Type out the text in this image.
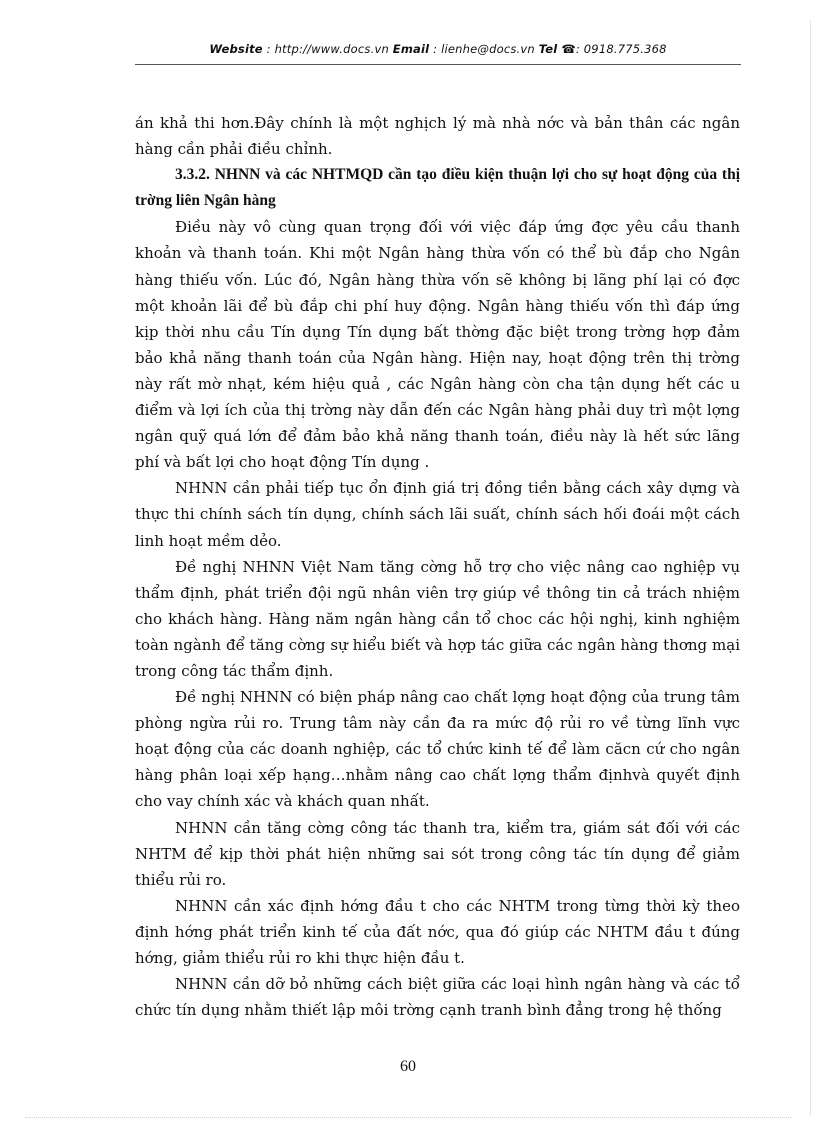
Website : http://www.docs.vn Email : lienhe@docs.vn Tel ☎: 0918.775.368

án khả thi hơn.Đây chính là một nghịch lý mà nhà nớc và bản thân các ngân hàng cần phải điều chỉnh.

3.3.2. NHNN và các NHTMQD cần tạo điều kiện thuận lợi cho sự hoạt động của thị trờng liên Ngân hàng

Điều này vô cùng quan trọng đối với việc đáp ứng đợc yêu cầu thanh khoản và thanh toán. Khi một Ngân hàng thừa vốn có thể bù đắp cho Ngân hàng thiếu vốn. Lúc đó, Ngân hàng thừa vốn sẽ không bị lãng phí lại có đợc một khoản lãi để bù đắp chi phí huy động. Ngân hàng thiếu vốn thì đáp ứng kịp thời nhu cầu Tín dụng Tín dụng bất thờng đặc biệt trong trờng hợp đảm bảo khả năng thanh toán của Ngân hàng. Hiện nay, hoạt động trên thị trờng này rất mờ nhạt, kém hiệu quả , các Ngân hàng còn cha tận dụng hết các u điểm và lợi ích của thị trờng này dẫn đến các Ngân hàng phải duy trì một lợng ngân quỹ quá lớn để đảm bảo khả năng thanh toán, điều này là hết sức lãng phí và bất lợi cho hoạt động Tín dụng .

NHNN cần phải tiếp tục ổn định giá trị đồng tiền bằng cách xây dựng và thực thi chính sách tín dụng, chính sách lãi suất, chính sách hối đoái một cách linh hoạt mềm dẻo.

Đề nghị NHNN Việt Nam tăng cờng hỗ trợ cho việc nâng cao nghiệp vụ thẩm định, phát triển đội ngũ nhân viên trợ giúp về thông tin cả trách nhiệm cho khách hàng. Hàng năm ngân hàng cần tổ choc các hội nghị, kinh nghiệm toàn ngành để tăng cờng sự hiểu biết và hợp tác giữa các ngân hàng thơng mại trong công tác thẩm định.

Đề nghị NHNN có biện pháp nâng cao chất lợng hoạt động của trung tâm phòng ngừa rủi ro. Trung tâm này cần đa ra mức độ rủi ro về từng lĩnh vực hoạt động của các doanh nghiệp, các tổ chức kinh tế để làm căcn cứ cho ngân hàng phân loại xếp hạng…nhằm nâng cao chất lợng thẩm địnhvà quyết định cho vay chính xác và khách quan nhất.

NHNN cần tăng cờng công tác thanh tra, kiểm tra, giám sát đối với các NHTM để kịp thời phát hiện những sai sót trong công tác tín dụng để giảm thiểu rủi ro.

NHNN cần xác định hớng đầu t cho các NHTM trong từng thời kỳ theo định hớng phát triển kinh tế của đất nớc, qua đó giúp các NHTM đầu t đúng hớng, giảm thiểu rủi ro khi thực hiện đầu t.

NHNN cần dỡ bỏ những cách biệt giữa các loại hình ngân hàng và các tổ chức tín dụng nhằm thiết lập môi trờng cạnh tranh bình đẳng trong hệ thống

60
